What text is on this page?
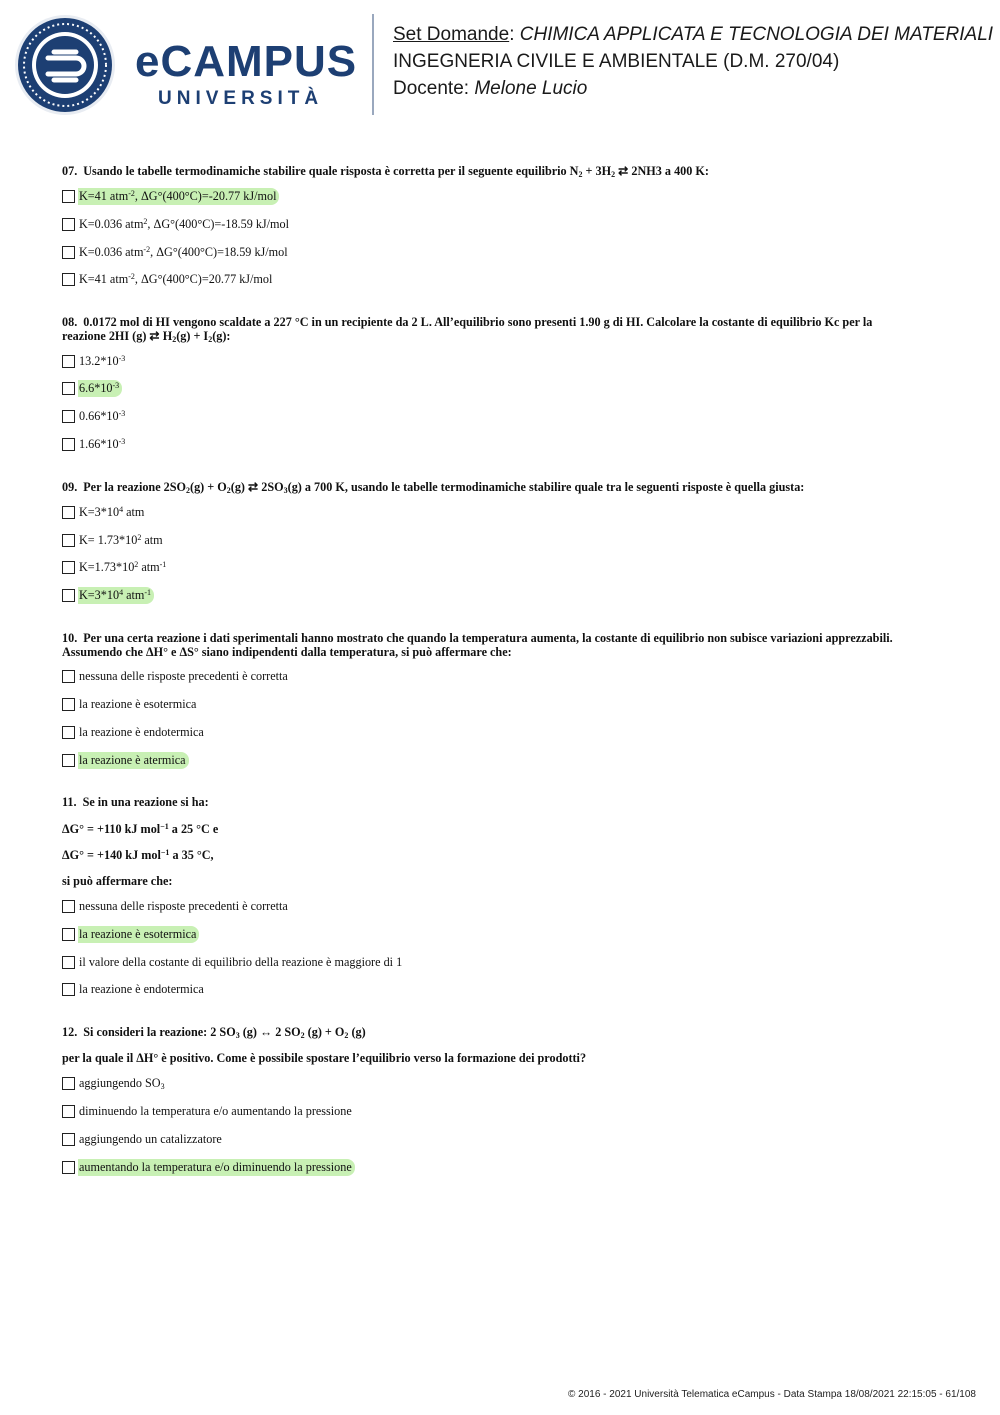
eCAMPUS
UNIVERSITÀ
Set Domande: CHIMICA APPLICATA E TECNOLOGIA DEI MATERIALI
INGEGNERIA CIVILE E AMBIENTALE (D.M. 270/04)
Docente: Melone Lucio
07. Usando le tabelle termodinamiche stabilire quale risposta è corretta per il seguente equilibrio $N_2 + 3H_2$ ⇄ 2NH3 a 400 K:
K=41 atm$^{-2}$, ΔG°(400°C)=-20.77 kJ/mol
K=0.036 atm$^2$, ΔG°(400°C)=-18.59 kJ/mol
K=0.036 atm$^{-2}$, ΔG°(400°C)=18.59 kJ/mol
K=41 atm$^{-2}$, ΔG°(400°C)=20.77 kJ/mol
08. 0.0172 mol di HI vengono scaldate a 227 °C in un recipiente da 2 L. All’equilibrio sono presenti 1.90 g di HI. Calcolare la costante di equilibrio Kc per la
reazione 2HI (g) ⇄ $H_2(g) + I_2(g)$:
$13.2*10^{-3}$
$6.6*10^{-3}$
$0.66*10^{-3}$
$1.66*10^{-3}$
09. Per la reazione $2SO_2(g) + O_2(g)$ ⇄ $2SO_3(g)$ a 700 K, usando le tabelle termodinamiche stabilire quale tra le seguenti risposte è quella giusta:
$K=3*10^4$ atm
$K= 1.73*10^2$ atm
$K=1.73*10^2$ atm$^{-1}$
$K=3*10^4$ atm$^{-1}$
10. Per una certa reazione i dati sperimentali hanno mostrato che quando la temperatura aumenta, la costante di equilibrio non subisce variazioni apprezzabili.
Assumendo che ΔH° e ΔS° siano indipendenti dalla temperatura, si può affermare che:
nessuna delle risposte precedenti è corretta
la reazione è esotermica
la reazione è endotermica
la reazione è atermica
11. Se in una reazione si ha:
ΔG° = +110 kJ mol$^{-1}$ a 25 °C e
ΔG° = +140 kJ mol$^{-1}$ a 35 °C,
si può affermare che:
nessuna delle risposte precedenti è corretta
la reazione è esotermica
il valore della costante di equilibrio della reazione è maggiore di 1
la reazione è endotermica
12. Si consideri la reazione: 2 $SO_3$ (g) ↔ 2 $SO_2$ $(g) + O_2$ (g)
per la quale il ΔH° è positivo. Come è possibile spostare l’equilibrio verso la formazione dei prodotti?
aggiungendo $SO_3$
diminuendo la temperatura e/o aumentando la pressione
aggiungendo un catalizzatore
aumentando la temperatura e/o diminuendo la pressione
© 2016 - 2021 Università Telematica eCampus - Data Stampa 18/08/2021 22:15:05 - 61/108
